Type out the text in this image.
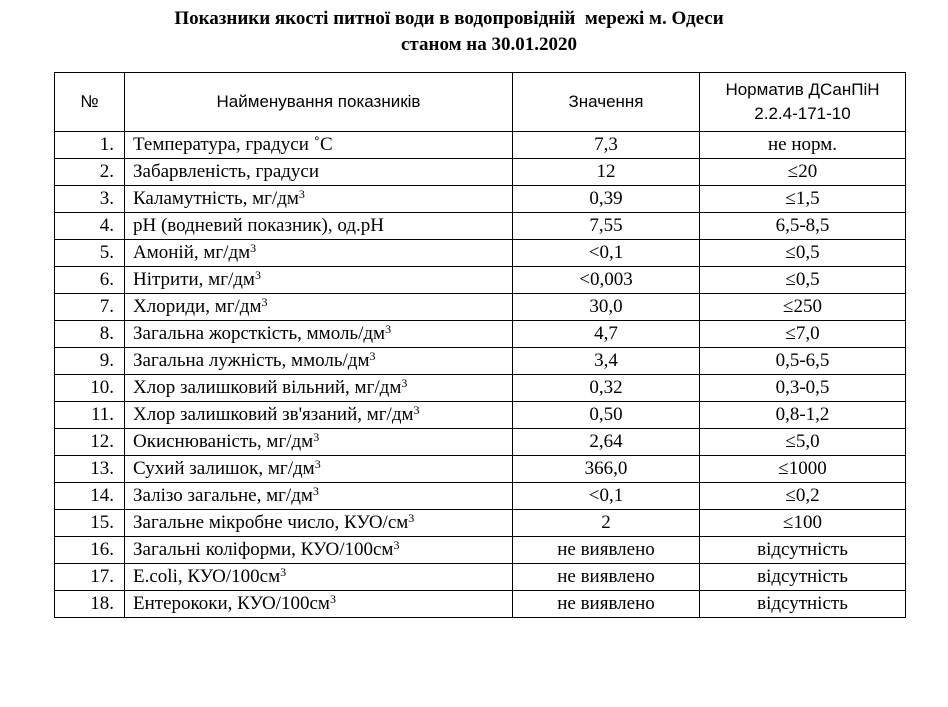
Показники якості питної води в водопровідній  мережі м. Одеси
станом на 30.01.2020
№	Найменування показників	Значення	Норматив ДСанПіН
2.2.4-171-10
1.	Температура, градуси ˚С	7,3	не норм.
2.	Забарвленість, градуси	12	≤20
3.	Каламутність, $мг/дм^3$	0,39	≤1,5
4.	рН (водневий показник), од.рН	7,55	6,5-8,5
5.	Амоній, $мг/дм^3$	<0,1	≤0,5
6.	Нітрити, $мг/дм^3$	<0,003	≤0,5
7.	Хлориди, $мг/дм^3$	30,0	≤250
8.	Загальна жорсткість, ммоль/$дм^3$	4,7	≤7,0
9.	Загальна лужність, ммоль/$дм^3$	3,4	0,5-6,5
10.	Хлор залишковий вільний, $мг/дм^3$	0,32	0,3-0,5
11.	Хлор залишковий зв'язаний, $мг/дм^3$	0,50	0,8-1,2
12.	Окиснюваність, $мг/дм^3$	2,64	≤5,0
13.	Сухий залишок, $мг/дм^3$	366,0	≤1000
14.	Залізо загальне, $мг/дм^3$	<0,1	≤0,2
15.	Загальне мікробне число, КУО/$см^3$	2	≤100
16.	Загальні коліформи, КУО/$100см^3$	не виявлено	відсутність
17.	E.coli, КУО/$100см^3$	не виявлено	відсутність
18.	Ентерококи, КУО/$100см^3$	не виявлено	відсутність
